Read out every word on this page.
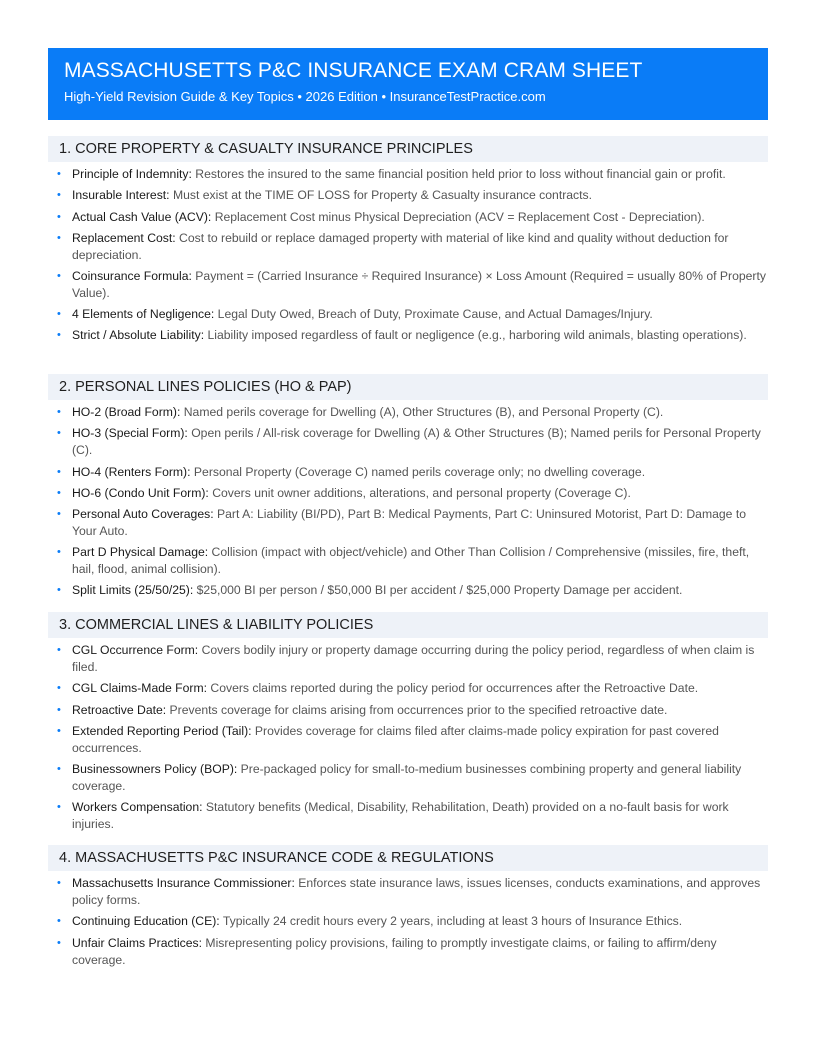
MASSACHUSETTS P&C INSURANCE EXAM CRAM SHEET
High-Yield Revision Guide & Key Topics • 2026 Edition • InsuranceTestPractice.com
1. CORE PROPERTY & CASUALTY INSURANCE PRINCIPLES
• Principle of Indemnity: Restores the insured to the same financial position held prior to loss without financial gain or profit.
• Insurable Interest: Must exist at the TIME OF LOSS for Property & Casualty insurance contracts.
• Actual Cash Value (ACV): Replacement Cost minus Physical Depreciation (ACV = Replacement Cost - Depreciation).
• Replacement Cost: Cost to rebuild or replace damaged property with material of like kind and quality without deduction for depreciation.
• Coinsurance Formula: Payment = (Carried Insurance ÷ Required Insurance) × Loss Amount (Required = usually 80% of Property Value).
• 4 Elements of Negligence: Legal Duty Owed, Breach of Duty, Proximate Cause, and Actual Damages/Injury.
• Strict / Absolute Liability: Liability imposed regardless of fault or negligence (e.g., harboring wild animals, blasting operations).
2. PERSONAL LINES POLICIES (HO & PAP)
• HO-2 (Broad Form): Named perils coverage for Dwelling (A), Other Structures (B), and Personal Property (C).
• HO-3 (Special Form): Open perils / All-risk coverage for Dwelling (A) & Other Structures (B); Named perils for Personal Property (C).
• HO-4 (Renters Form): Personal Property (Coverage C) named perils coverage only; no dwelling coverage.
• HO-6 (Condo Unit Form): Covers unit owner additions, alterations, and personal property (Coverage C).
• Personal Auto Coverages: Part A: Liability (BI/PD), Part B: Medical Payments, Part C: Uninsured Motorist, Part D: Damage to Your Auto.
• Part D Physical Damage: Collision (impact with object/vehicle) and Other Than Collision / Comprehensive (missiles, fire, theft, hail, flood, animal collision).
• Split Limits (25/50/25): $25,000 BI per person / $50,000 BI per accident / $25,000 Property Damage per accident.
3. COMMERCIAL LINES & LIABILITY POLICIES
• CGL Occurrence Form: Covers bodily injury or property damage occurring during the policy period, regardless of when claim is filed.
• CGL Claims-Made Form: Covers claims reported during the policy period for occurrences after the Retroactive Date.
• Retroactive Date: Prevents coverage for claims arising from occurrences prior to the specified retroactive date.
• Extended Reporting Period (Tail): Provides coverage for claims filed after claims-made policy expiration for past covered occurrences.
• Businessowners Policy (BOP): Pre-packaged policy for small-to-medium businesses combining property and general liability coverage.
• Workers Compensation: Statutory benefits (Medical, Disability, Rehabilitation, Death) provided on a no-fault basis for work injuries.
4. MASSACHUSETTS P&C INSURANCE CODE & REGULATIONS
• Massachusetts Insurance Commissioner: Enforces state insurance laws, issues licenses, conducts examinations, and approves policy forms.
• Continuing Education (CE): Typically 24 credit hours every 2 years, including at least 3 hours of Insurance Ethics.
• Unfair Claims Practices: Misrepresenting policy provisions, failing to promptly investigate claims, or failing to affirm/deny coverage.
